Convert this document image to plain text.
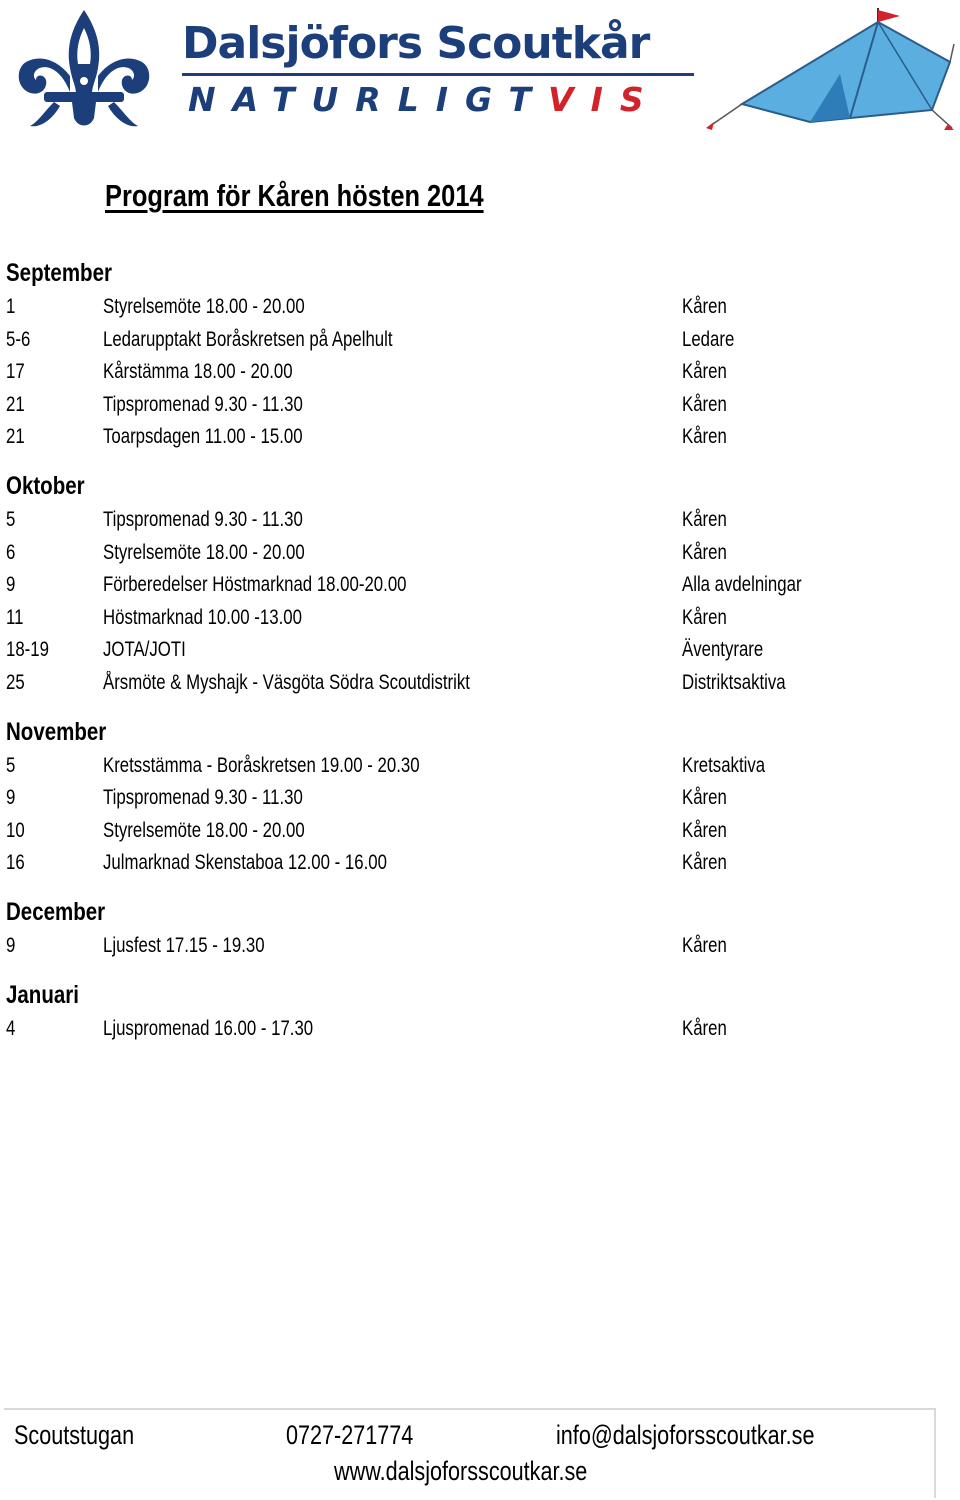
Dalsjöfors Scoutkår
NATURLIGTVIS
Program för Kåren hösten 2014
September
1	Styrelsemöte 18.00 - 20.00	Kåren
5-6	Ledarupptakt Boråskretsen på Apelhult	Ledare
17	Kårstämma 18.00 - 20.00	Kåren
21	Tipspromenad 9.30 - 11.30	Kåren
21	Toarpsdagen 11.00 - 15.00	Kåren
Oktober
5	Tipspromenad 9.30 - 11.30	Kåren
6	Styrelsemöte 18.00 - 20.00	Kåren
9	Förberedelser Höstmarknad 18.00-20.00	Alla avdelningar
11	Höstmarknad 10.00 -13.00	Kåren
18-19	JOTA/JOTI	Äventyrare
25	Årsmöte & Myshajk - Väsgöta Södra Scoutdistrikt	Distriktsaktiva
November
5	Kretsstämma - Boråskretsen 19.00 - 20.30	Kretsaktiva
9	Tipspromenad 9.30 - 11.30	Kåren
10	Styrelsemöte 18.00 - 20.00	Kåren
16	Julmarknad Skenstaboa 12.00 - 16.00	Kåren
December
9	Ljusfest 17.15 - 19.30	Kåren
Januari
4	Ljuspromenad 16.00 - 17.30	Kåren
Scoutstugan	0727-271774	info@dalsjoforsscoutkar.se
www.dalsjoforsscoutkar.se
